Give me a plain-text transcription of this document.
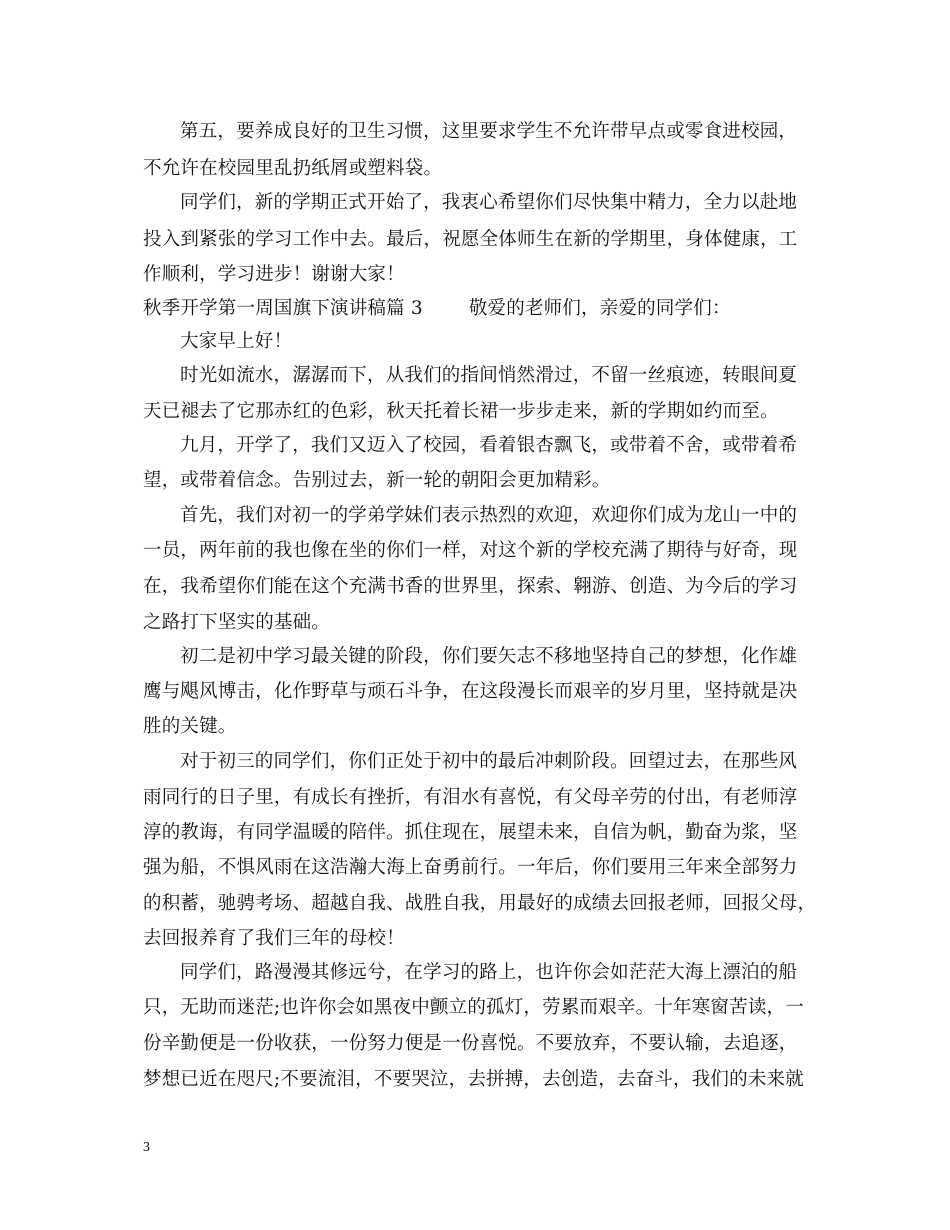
第五，要养成良好的卫生习惯，这里要求学生不允许带早点或零食进校园，
不允许在校园里乱扔纸屑或塑料袋。
同学们，新的学期正式开始了，我衷心希望你们尽快集中精力，全力以赴地
投入到紧张的学习工作中去。最后，祝愿全体师生在新的学期里，身体健康，工
作顺利，学习进步！谢谢大家！
秋季开学第一周国旗下演讲稿篇 3 敬爱的老师们，亲爱的同学们：
大家早上好！
时光如流水，潺潺而下，从我们的指间悄然滑过，不留一丝痕迹，转眼间夏
天已褪去了它那赤红的色彩，秋天托着长裙一步步走来，新的学期如约而至。
九月，开学了，我们又迈入了校园，看着银杏飘飞，或带着不舍，或带着希
望，或带着信念。告别过去，新一轮的朝阳会更加精彩。
首先，我们对初一的学弟学妹们表示热烈的欢迎，欢迎你们成为龙山一中的
一员，两年前的我也像在坐的你们一样，对这个新的学校充满了期待与好奇，现
在，我希望你们能在这个充满书香的世界里，探索、翱游、创造、为今后的学习
之路打下坚实的基础。
初二是初中学习最关键的阶段，你们要矢志不移地坚持自己的梦想，化作雄
鹰与飓风博击，化作野草与顽石斗争，在这段漫长而艰辛的岁月里，坚持就是决
胜的关键。
对于初三的同学们，你们正处于初中的最后冲刺阶段。回望过去，在那些风
雨同行的日子里，有成长有挫折，有泪水有喜悦，有父母辛劳的付出，有老师淳
淳的教诲，有同学温暖的陪伴。抓住现在，展望未来，自信为帆，勤奋为浆，坚
强为船，不惧风雨在这浩瀚大海上奋勇前行。一年后，你们要用三年来全部努力
的积蓄，驰骋考场、超越自我、战胜自我，用最好的成绩去回报老师，回报父母，
去回报养育了我们三年的母校！
同学们，路漫漫其修远兮，在学习的路上，也许你会如茫茫大海上漂泊的船
只，无助而迷茫;也许你会如黑夜中颤立的孤灯，劳累而艰辛。十年寒窗苦读，一
份辛勤便是一份收获，一份努力便是一份喜悦。不要放弃，不要认输，去追逐，
梦想已近在咫尺;不要流泪，不要哭泣，去拼搏，去创造，去奋斗，我们的未来就
3
